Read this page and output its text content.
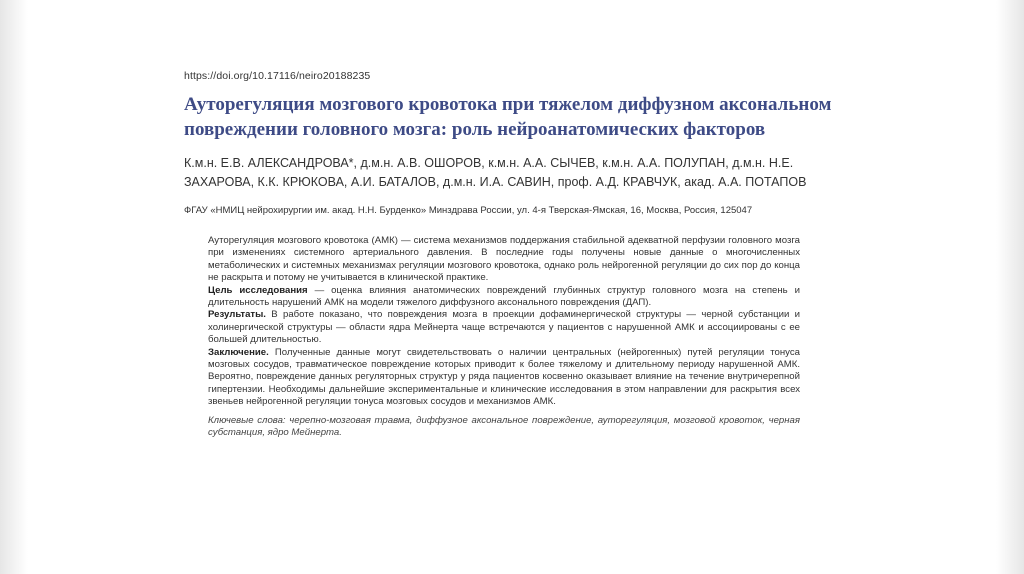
https://doi.org/10.17116/neiro20188235
Ауторегуляция мозгового кровотока при тяжелом диффузном аксональном повреждении головного мозга: роль нейроанатомических факторов
К.м.н. Е.В. АЛЕКСАНДРОВА*, д.м.н. А.В. ОШОРОВ, к.м.н. А.А. СЫЧЕВ, к.м.н. А.А. ПОЛУПАН, д.м.н. Н.Е. ЗАХАРОВА, К.К. КРЮКОВА, А.И. БАТАЛОВ, д.м.н. И.А. САВИН, проф. А.Д. КРАВЧУК, акад. А.А. ПОТАПОВ
ФГАУ «НМИЦ нейрохирургии им. акад. Н.Н. Бурденко» Минздрава России, ул. 4-я Тверская-Ямская, 16, Москва, Россия, 125047

Ауторегуляция мозгового кровотока (АМК) — система механизмов поддержания стабильной адекватной перфузии головного мозга при изменениях системного артериального давления. В последние годы получены новые данные о многочисленных метаболических и системных механизмах регуляции мозгового кровотока, однако роль нейрогенной регуляции до сих пор до конца не раскрыта и потому не учитывается в клинической практике.

Цель исследования — оценка влияния анатомических повреждений глубинных структур головного мозга на степень и длительность нарушений АМК на модели тяжелого диффузного аксонального повреждения (ДАП).

Результаты. В работе показано, что повреждения мозга в проекции дофаминергической структуры — черной субстанции и холинергической структуры — области ядра Мейнерта чаще встречаются у пациентов с нарушенной АМК и ассоциированы с ее большей длительностью.

Заключение. Полученные данные могут свидетельствовать о наличии центральных (нейрогенных) путей регуляции тонуса мозговых сосудов, травматическое повреждение которых приводит к более тяжелому и длительному периоду нарушенной АМК. Вероятно, повреждение данных регуляторных структур у ряда пациентов косвенно оказывает влияние на течение внутричерепной гипертензии. Необходимы дальнейшие экспериментальные и клинические исследования в этом направлении для раскрытия всех звеньев нейрогенной регуляции тонуса мозговых сосудов и механизмов АМК.

Ключевые слова: черепно-мозговая травма, диффузное аксональное повреждение, ауторегуляция, мозговой кровоток, черная субстанция, ядро Мейнерта.
